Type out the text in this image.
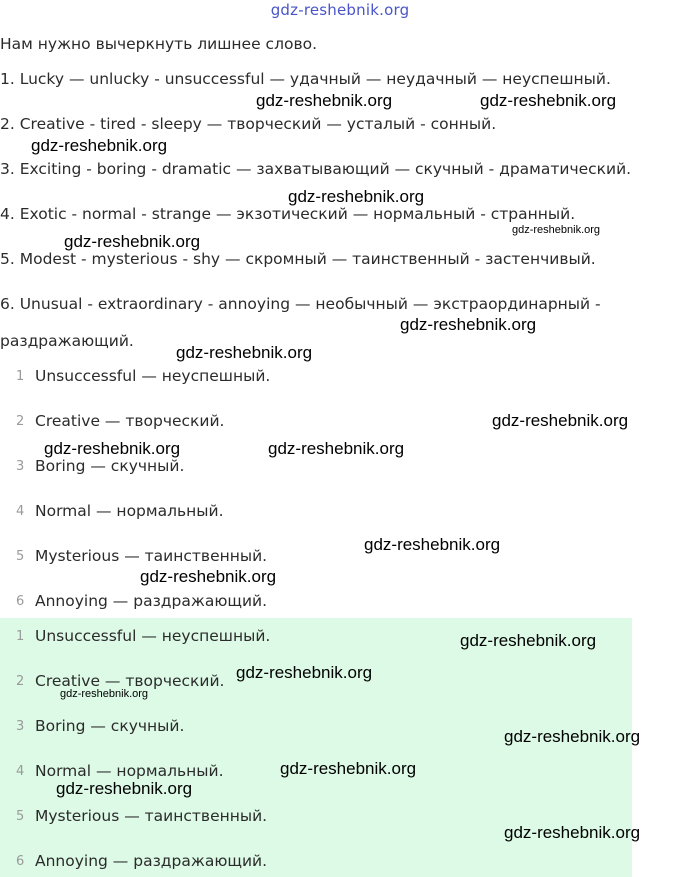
gdz-reshebnik.org
Нам нужно вычеркнуть лишнее слово.
1. Lucky — unlucky - unsuccessful — удачный — неудачный — неуспешный.
2. Creative - tired - sleepy — творческий — усталый - сонный.
3. Exciting - boring - dramatic — захватывающий — скучный - драматический.
4. Exotic - normal - strange — экзотический — нормальный - странный.
5. Modest - mysterious - shy — скромный — таинственный - застенчивый.
6. Unusual - extraordinary - annoying — необычный — экстраординарный -
раздражающий.
1 Unsuccessful — неуспешный.
2 Creative — творческий.
3 Boring — скучный.
4 Normal — нормальный.
5 Mysterious — таинственный.
6 Annoying — раздражающий.
1 Unsuccessful — неуспешный.
2 Creative — творческий.
3 Boring — скучный.
4 Normal — нормальный.
5 Mysterious — таинственный.
6 Annoying — раздражающий.
gdz-reshebnik.org	gdz-reshebnik.org
gdz-reshebnik.org
gdz-reshebnik.org
gdz-reshebnik.org
gdz-reshebnik.org
gdz-reshebnik.org
gdz-reshebnik.org
gdz-reshebnik.org
gdz-reshebnik.org	gdz-reshebnik.org
gdz-reshebnik.org
gdz-reshebnik.org
gdz-reshebnik.org
gdz-reshebnik.org
gdz-reshebnik.org
gdz-reshebnik.org
gdz-reshebnik.org
gdz-reshebnik.org
gdz-reshebnik.org
